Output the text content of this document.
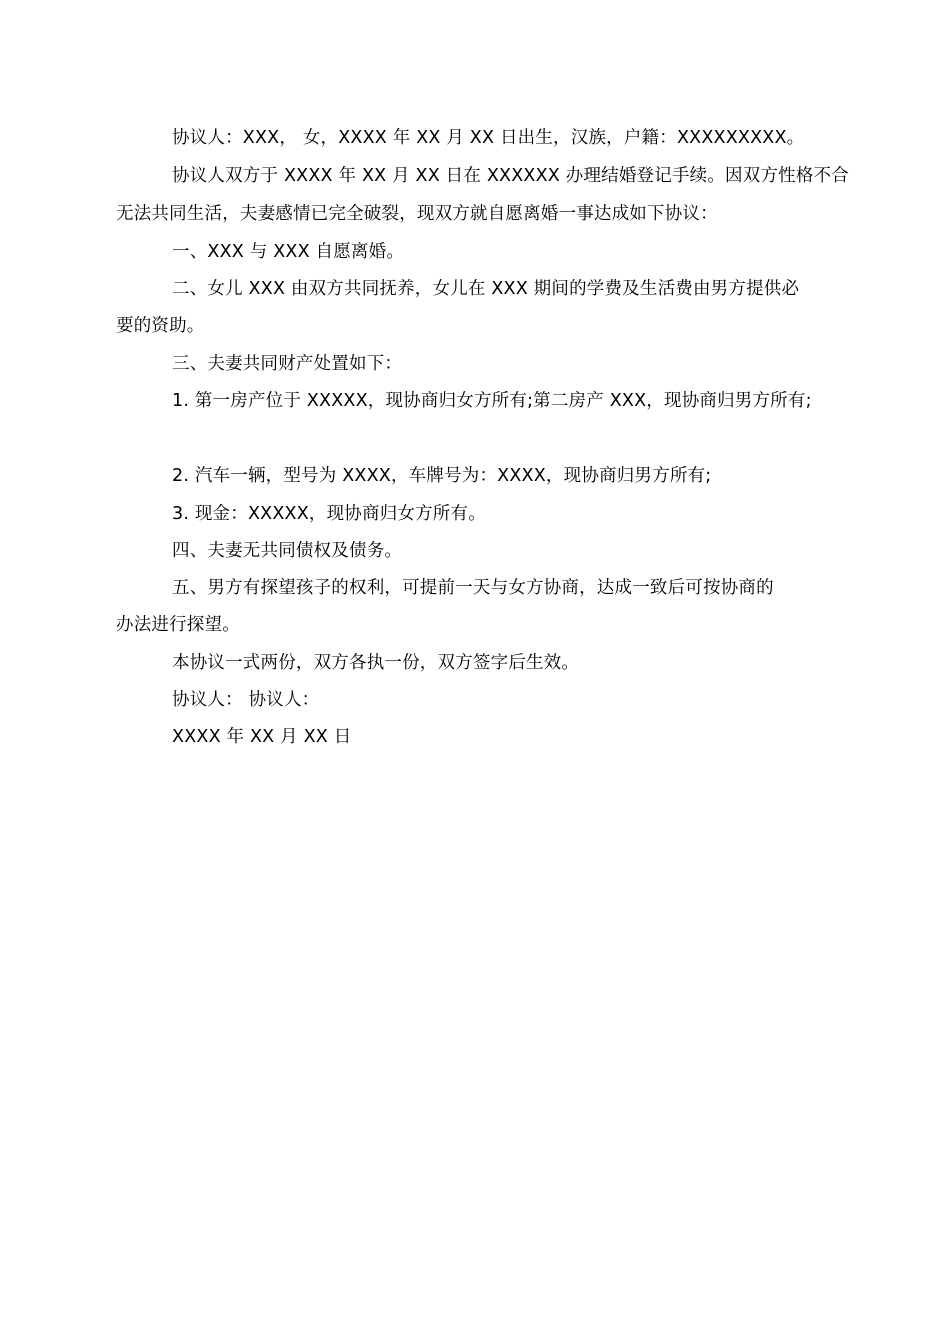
协议人：XXX， 女，XXXX 年 XX 月 XX 日出生，汉族，户籍：XXXXXXXXX。
协议人双方于 XXXX 年 XX 月 XX 日在 XXXXXX 办理结婚登记手续。因双方性格不合
无法共同生活，夫妻感情已完全破裂，现双方就自愿离婚一事达成如下协议：
一、XXX 与 XXX 自愿离婚。
二、女儿 XXX 由双方共同抚养，女儿在 XXX 期间的学费及生活费由男方提供必
要的资助。
三、夫妻共同财产处置如下：
1. 第一房产位于 XXXXX，现协商归女方所有;第二房产 XXX，现协商归男方所有;
2. 汽车一辆，型号为 XXXX，车牌号为：XXXX，现协商归男方所有;
3. 现金：XXXXX，现协商归女方所有。
四、夫妻无共同债权及债务。
五、男方有探望孩子的权利，可提前一天与女方协商，达成一致后可按协商的
办法进行探望。
本协议一式两份，双方各执一份，双方签字后生效。
协议人： 协议人：
XXXX 年 XX 月 XX 日
